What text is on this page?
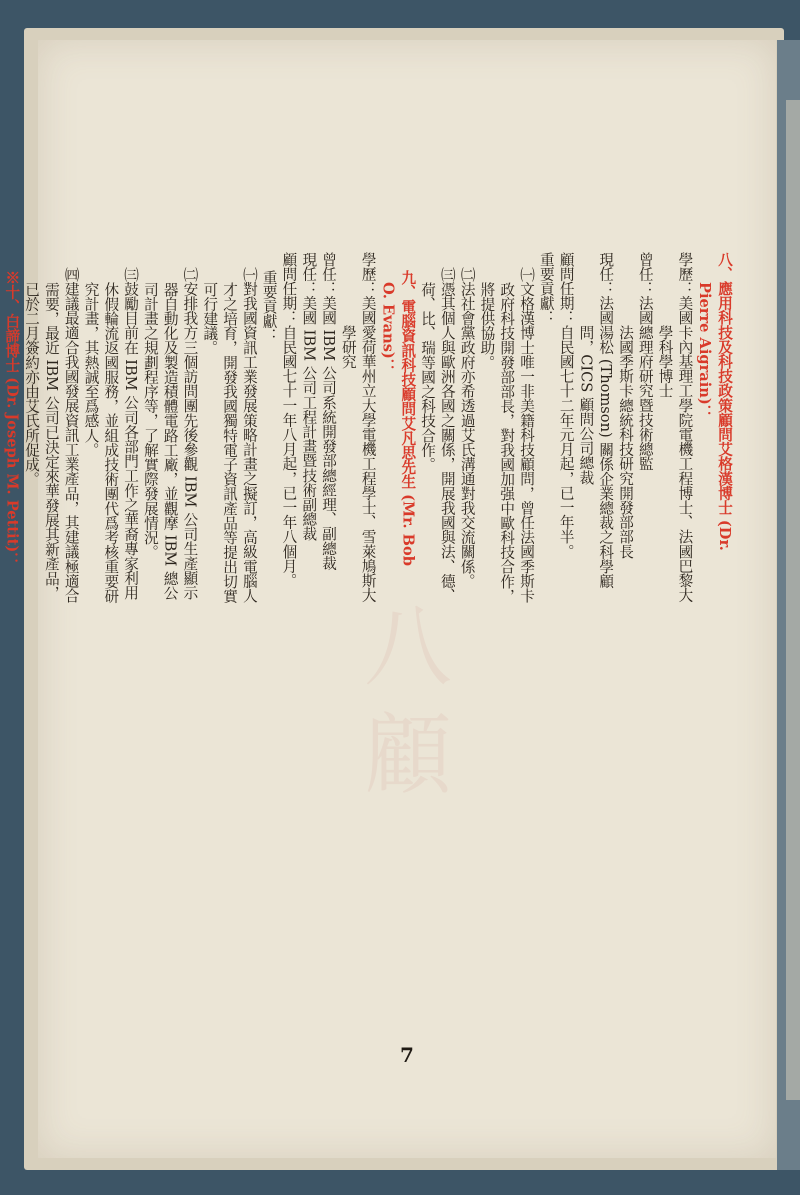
八顧
八、應用科技及科技政策顧問艾格漢博士 (Dr.
Pierre Aigrain)：
學歷：美國卡內基理工學院電機工程博士、法國巴黎大
學科學博士
曾任：法國總理府研究暨技術總監
法國季斯卡總統科技研究開發部部長
現任：法國湯松 (Thomson) 關係企業總裁之科學顧
問，CICS 顧問公司總裁
顧問任期：自民國七十二年元月起，已一年半。
重要貢獻：
㈠文格漢博士唯一非美籍科技顧問，曾任法國季斯卡
政府科技開發部部長，對我國加强中歐科技合作，
將提供協助。
㈡法社會黨政府亦希透過艾氏溝通對我交流關係。
㈢憑其個人與歐洲各國之關係，開展我國與法、德、
荷、比、瑞等國之科技合作。
九、電腦資訊科技顧問艾凡思先生 (Mr. Bob
O. Evans)：
學歷：美國愛荷華州立大學電機工程學士、雪萊鳩斯大
學研究
曾任：美國 IBM 公司系統開發部總經理、副總裁
現任：美國 IBM 公司工程計畫暨技術副總裁
顧問任期：自民國七十一年八月起，已一年八個月。
重要貢獻：
㈠對我國資訊工業發展策略計畫之擬訂，高級電腦人
才之培育，開發我國獨特電子資訊產品等提出切實
可行建議。
㈡安排我方三個訪問團先後參觀 IBM 公司生產顯示
器自動化及製造積體電路工廠，並觀摩 IBM 總公
司計畫之規劃程序等，了解實際發展情況。
㈢鼓勵目前在 IBM 公司各部門工作之華裔專家利用
休假輪流返國服務，並組成技術團代爲考核重要研
究計畫，其熱誠至爲感人。
㈣建議最適合我國發展資訊工業產品，其建議極適合
需要，最近 IBM 公司已決定來華發展其新產品，
已於二月簽約亦由艾氏所促成。
※十、白諦博士 (Dr. Joseph M. Pettit)：
7
